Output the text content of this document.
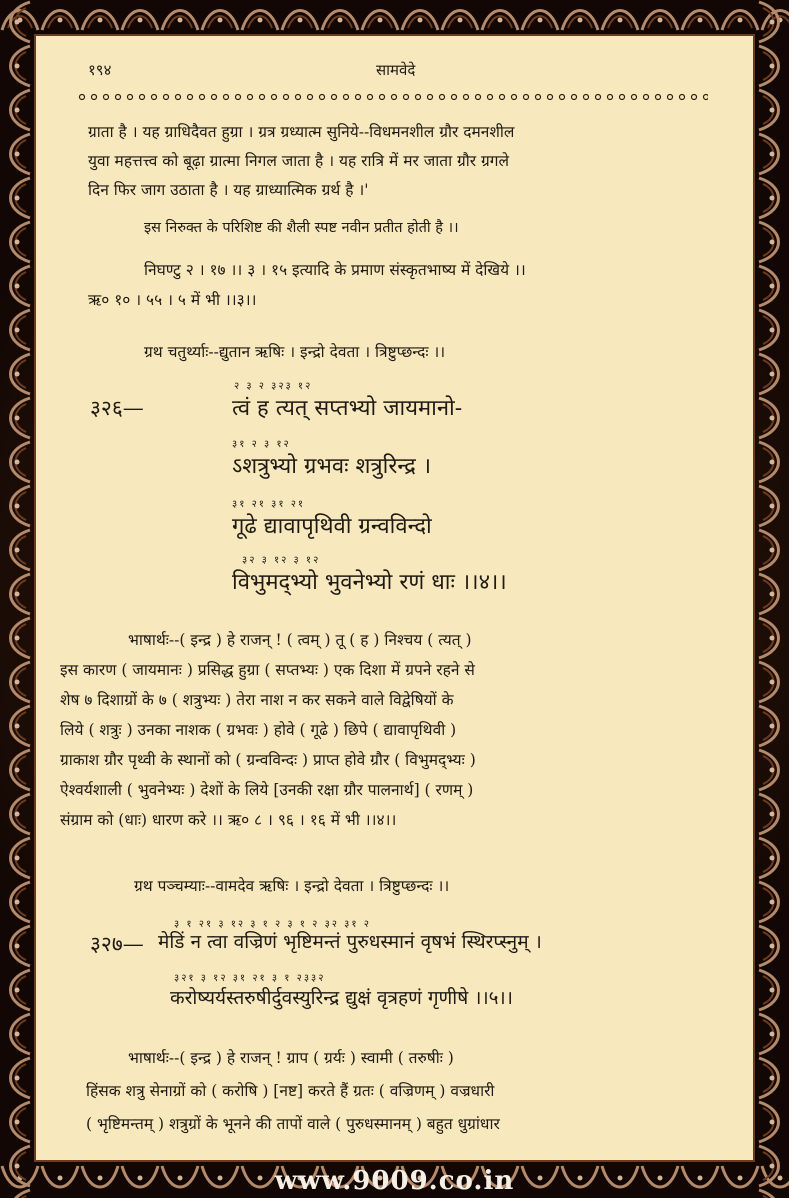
१९४	सामवेदे
ग्राता है । यह ग्राधिदैवत हुग्रा । ग्रत्र ग्रध्यात्म सुनिये--विधमनशील ग्रौर दमनशील
युवा महत्तत्त्व को बूढ़ा ग्रात्मा निगल जाता है । यह रात्रि में मर जाता ग्रौर ग्रगले
दिन फिर जाग उठाता है । यह ग्राध्यात्मिक ग्रर्थ है ।'
इस निरुक्त के परिशिष्ट की शैली स्पष्ट नवीन प्रतीत होती है ।।
निघण्टु २ । १७ ।। ३ । १५ इत्यादि के प्रमाण संस्कृतभाष्य में देखिये ।।
ऋ० १० । ५५ । ५ में भी ।।३।।
ग्रथ चतुर्थ्याः--द्युतान ऋषिः । इन्द्रो देवता । त्रिष्टुप्छन्दः ।।
२ ३ २ ३२३ १२
३२६—	त्वं ह त्यत् सप्तभ्यो जायमानो-
३१ २ ३ १२
ऽशत्रुभ्यो ग्रभवः शत्रुरिन्द्र ।
३१ २१ ३१ २१
गूढे द्यावापृथिवी ग्रन्वविन्दो
३२ ३ १२ ३ १२
विभुमद्भ्यो भुवनेभ्यो रणं धाः ।।४।।
भाषार्थः--( इन्द्र ) हे राजन् ! ( त्वम् ) तू ( ह ) निश्चय ( त्यत् )
इस कारण ( जायमानः ) प्रसिद्ध हुग्रा ( सप्तभ्यः ) एक दिशा में ग्रपने रहने से
शेष ७ दिशाग्रों के ७ ( शत्रुभ्यः ) तेरा नाश न कर सकने वाले विद्वेषियों के
लिये ( शत्रुः ) उनका नाशक ( ग्रभवः ) होवे ( गूढे ) छिपे ( द्यावापृथिवी )
ग्राकाश ग्रौर पृथ्वी के स्थानों को ( ग्रन्वविन्दः ) प्राप्त होवे ग्रौर ( विभुमद्भ्यः )
ऐश्वर्यशाली ( भुवनेभ्यः ) देशों के लिये [उनकी रक्षा ग्रौर पालनार्थ] ( रणम् )
संग्राम को (धाः) धारण करे ।। ऋ० ८ । ९६ । १६ में भी ।।४।।
ग्रथ पञ्चम्याः--वामदेव ऋषिः । इन्द्रो देवता । त्रिष्टुप्छन्दः ।।
३ १ २१ ३ १२ ३ १ २ ३ १ २ ३२ ३१ २
३२७— मेडिं न त्वा वज्रिणं भृष्टिमन्तं पुरुधस्मानं वृषभं स्थिरप्स्नुम् ।
३२१ ३ १२ ३१ २१ ३ १ २३३२
करोष्यर्यस्तरुषीर्दुवस्युरिन्द्र द्युक्षं वृत्रहणं गृणीषे ।।५।।
भाषार्थः--( इन्द्र ) हे राजन् ! ग्राप ( ग्रर्यः ) स्वामी ( तरुषीः )
हिंसक शत्रु सेनाग्रों को ( करोषि ) [नष्ट] करते हैं ग्रतः ( वज्रिणम् ) वज्रधारी
( भृष्टिमन्तम् ) शत्रुग्रों के भूनने की तापों वाले ( पुरुधस्मानम् ) बहुत धुग्रांधार
www.9009.co.in
